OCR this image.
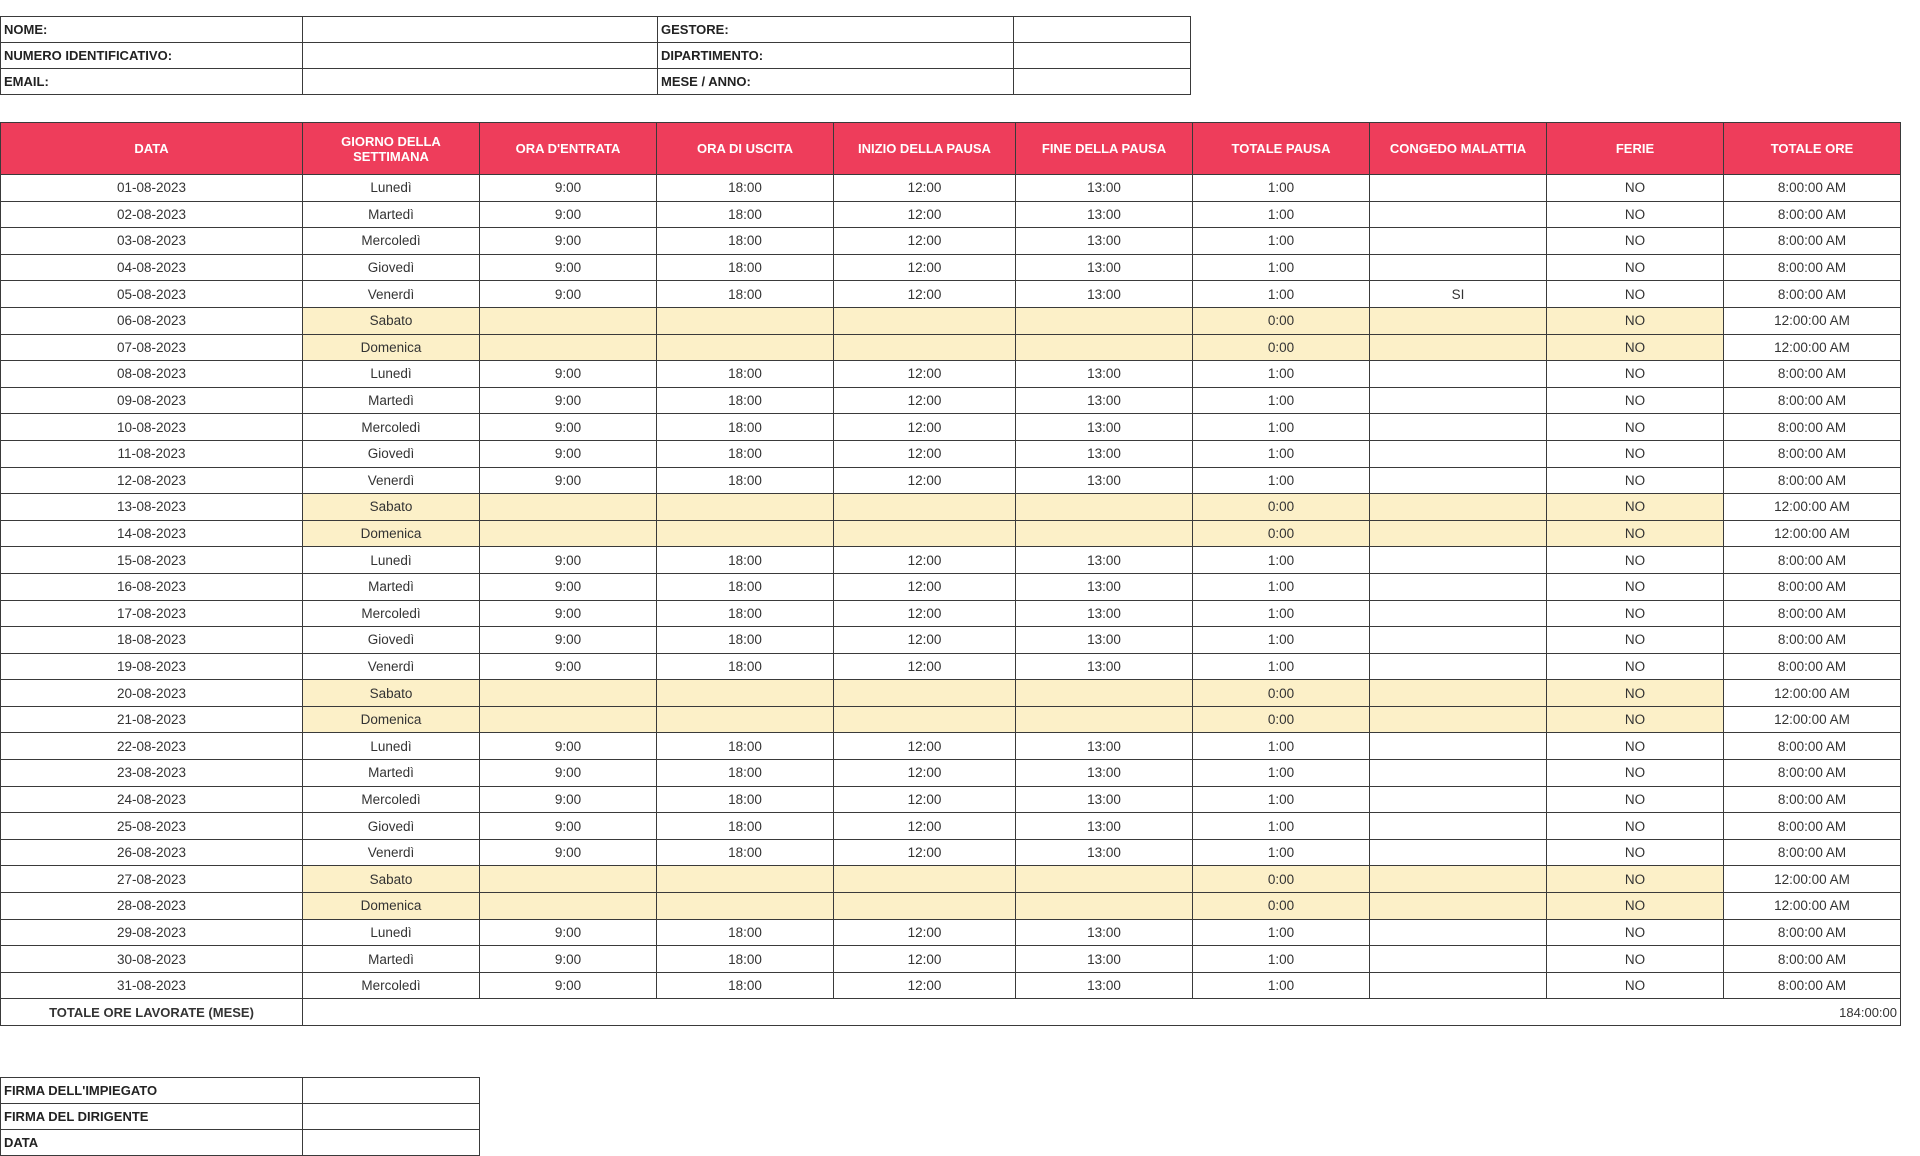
NOME:		GESTORE:	
NUMERO IDENTIFICATIVO:		DIPARTIMENTO:	
EMAIL:		MESE / ANNO:	
DATA	GIORNO DELLA SETTIMANA	ORA D'ENTRATA	ORA DI USCITA	INIZIO DELLA PAUSA	FINE DELLA PAUSA	TOTALE PAUSA	CONGEDO MALATTIA	FERIE	TOTALE ORE
01-08-2023	Lunedì	9:00	18:00	12:00	13:00	1:00		NO	8:00:00 AM
02-08-2023	Martedì	9:00	18:00	12:00	13:00	1:00		NO	8:00:00 AM
03-08-2023	Mercoledì	9:00	18:00	12:00	13:00	1:00		NO	8:00:00 AM
04-08-2023	Giovedì	9:00	18:00	12:00	13:00	1:00		NO	8:00:00 AM
05-08-2023	Venerdì	9:00	18:00	12:00	13:00	1:00	SI	NO	8:00:00 AM
06-08-2023	Sabato					0:00		NO	12:00:00 AM
07-08-2023	Domenica					0:00		NO	12:00:00 AM
08-08-2023	Lunedì	9:00	18:00	12:00	13:00	1:00		NO	8:00:00 AM
09-08-2023	Martedì	9:00	18:00	12:00	13:00	1:00		NO	8:00:00 AM
10-08-2023	Mercoledì	9:00	18:00	12:00	13:00	1:00		NO	8:00:00 AM
11-08-2023	Giovedì	9:00	18:00	12:00	13:00	1:00		NO	8:00:00 AM
12-08-2023	Venerdì	9:00	18:00	12:00	13:00	1:00		NO	8:00:00 AM
13-08-2023	Sabato					0:00		NO	12:00:00 AM
14-08-2023	Domenica					0:00		NO	12:00:00 AM
15-08-2023	Lunedì	9:00	18:00	12:00	13:00	1:00		NO	8:00:00 AM
16-08-2023	Martedì	9:00	18:00	12:00	13:00	1:00		NO	8:00:00 AM
17-08-2023	Mercoledì	9:00	18:00	12:00	13:00	1:00		NO	8:00:00 AM
18-08-2023	Giovedì	9:00	18:00	12:00	13:00	1:00		NO	8:00:00 AM
19-08-2023	Venerdì	9:00	18:00	12:00	13:00	1:00		NO	8:00:00 AM
20-08-2023	Sabato					0:00		NO	12:00:00 AM
21-08-2023	Domenica					0:00		NO	12:00:00 AM
22-08-2023	Lunedì	9:00	18:00	12:00	13:00	1:00		NO	8:00:00 AM
23-08-2023	Martedì	9:00	18:00	12:00	13:00	1:00		NO	8:00:00 AM
24-08-2023	Mercoledì	9:00	18:00	12:00	13:00	1:00		NO	8:00:00 AM
25-08-2023	Giovedì	9:00	18:00	12:00	13:00	1:00		NO	8:00:00 AM
26-08-2023	Venerdì	9:00	18:00	12:00	13:00	1:00		NO	8:00:00 AM
27-08-2023	Sabato					0:00		NO	12:00:00 AM
28-08-2023	Domenica					0:00		NO	12:00:00 AM
29-08-2023	Lunedì	9:00	18:00	12:00	13:00	1:00		NO	8:00:00 AM
30-08-2023	Martedì	9:00	18:00	12:00	13:00	1:00		NO	8:00:00 AM
31-08-2023	Mercoledì	9:00	18:00	12:00	13:00	1:00		NO	8:00:00 AM
TOTALE ORE LAVORATE (MESE)	184:00:00								
FIRMA DELL'IMPIEGATO	
FIRMA DEL DIRIGENTE	
DATA	
